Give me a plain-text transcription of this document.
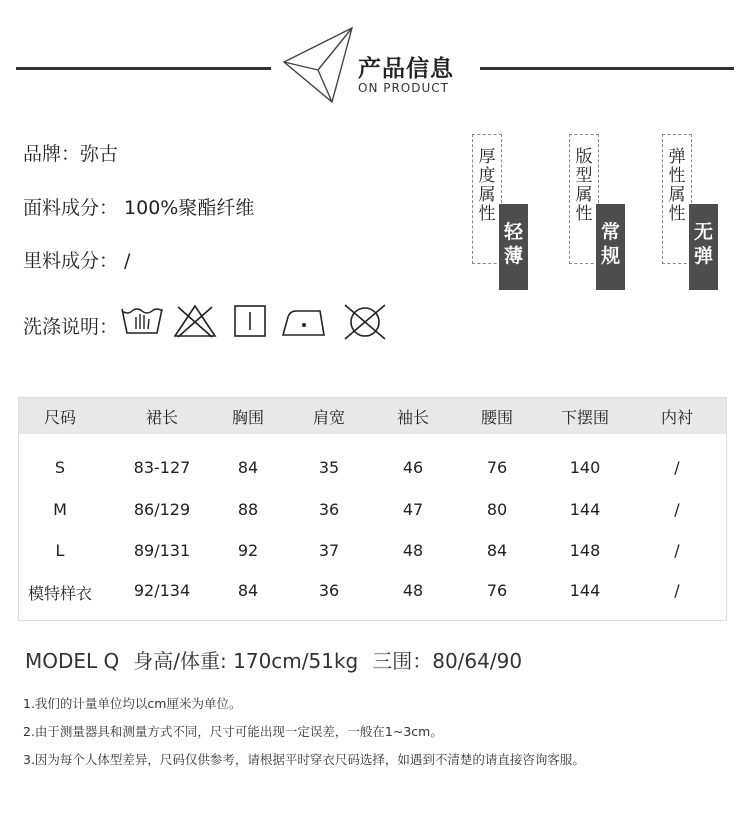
产品信息
ON PRODUCT
品牌：弥古
面料成分： 100%聚酯纤维
里料成分： /
洗涤说明：
厚
度
属
性
轻
薄
版
型
属
性
常
规
弹
性
属
性
无
弹
尺码	裙长	胸围	肩宽	袖长	腰围	下摆围	内衬
S	83-127	84	35	46	76	140	/
M	86/129	88	36	47	80	144	/
L	89/131	92	37	48	84	148	/
模特样衣	92/134	84	36	48	76	144	/
MODEL Q 身高/体重: 170cm/51kg 三围：80/64/90
1.我们的计量单位均以cm厘米为单位。
2.由于测量器具和测量方式不同，尺寸可能出现一定误差，一般在1~3cm。
3.因为每个人体型差异，尺码仅供参考，请根据平时穿衣尺码选择，如遇到不清楚的请直接咨询客服。
